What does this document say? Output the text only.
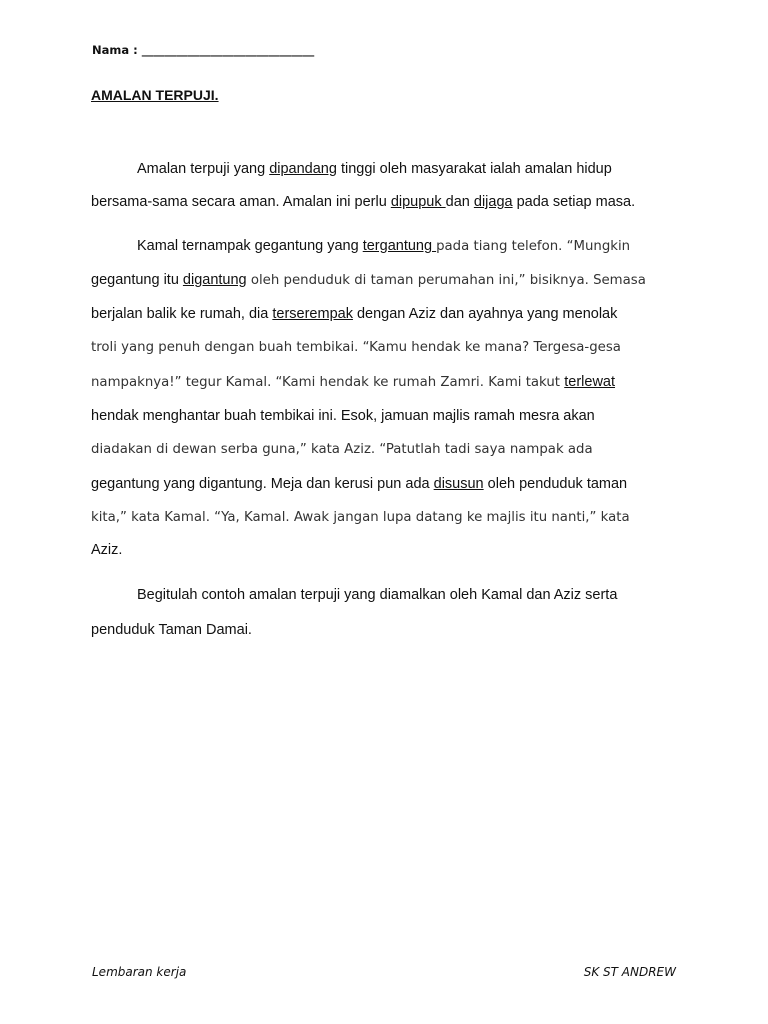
Nama : ______________________________
AMALAN TERPUJI.
Amalan terpuji yang dipandang tinggi oleh masyarakat ialah amalan hidup
bersama-sama secara aman. Amalan ini perlu dipupuk dan dijaga pada setiap masa.
Kamal ternampak gegantung yang tergantung pada tiang telefon. “Mungkin
gegantung itu digantung oleh penduduk di taman perumahan ini,” bisiknya. Semasa
berjalan balik ke rumah, dia terserempak dengan Aziz dan ayahnya yang menolak
troli yang penuh dengan buah tembikai. “Kamu hendak ke mana? Tergesa-gesa
nampaknya!” tegur Kamal. “Kami hendak ke rumah Zamri. Kami takut terlewat
hendak menghantar buah tembikai ini. Esok, jamuan majlis ramah mesra akan
diadakan di dewan serba guna,” kata Aziz. “Patutlah tadi saya nampak ada
gegantung yang digantung. Meja dan kerusi pun ada disusun oleh penduduk taman
kita,” kata Kamal. “Ya, Kamal. Awak jangan lupa datang ke majlis itu nanti,” kata
Aziz.
Begitulah contoh amalan terpuji yang diamalkan oleh Kamal dan Aziz serta
penduduk Taman Damai.
Lembaran kerja	SK ST ANDREW
